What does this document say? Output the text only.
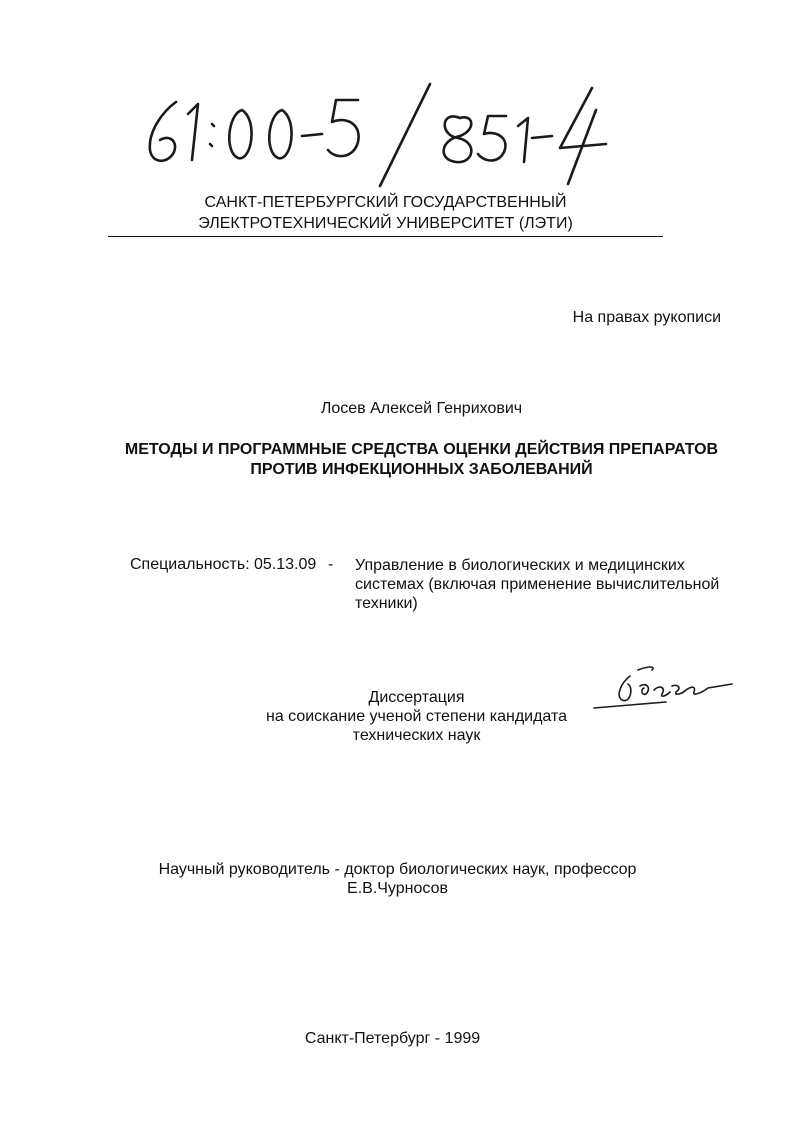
САНКТ-ПЕТЕРБУРГСКИЙ ГОСУДАРСТВЕННЫЙ
ЭЛЕКТРОТЕХНИЧЕСКИЙ УНИВЕРСИТЕТ (ЛЭТИ)
На правах рукописи
Лосев Алексей Генрихович
МЕТОДЫ И ПРОГРАММНЫЕ СРЕДСТВА ОЦЕНКИ ДЕЙСТВИЯ ПРЕПАРАТОВ
ПРОТИВ ИНФЕКЦИОННЫХ ЗАБОЛЕВАНИЙ
Специальность: 05.13.09 - Управление в биологических и медицинских
системах (включая применение вычислительной
техники)
Диссертация
на соискание ученой степени кандидата
технических наук
Научный руководитель - доктор биологических наук, профессор
Е.В.Чурносов
Санкт-Петербург - 1999
